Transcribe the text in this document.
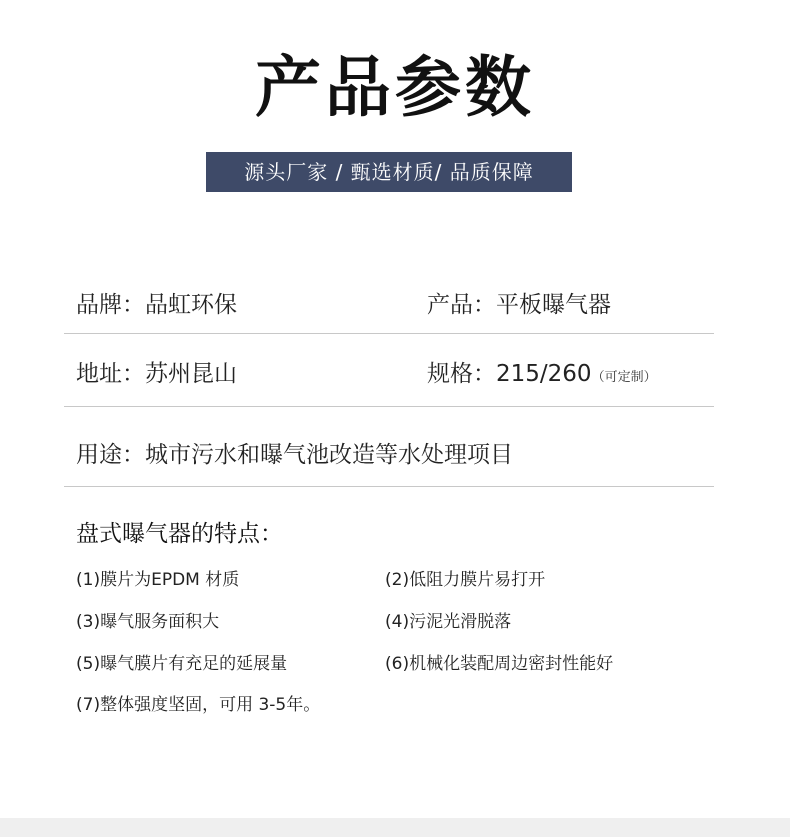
产品参数
源头厂家 / 甄选材质/ 品质保障
品牌：品虹环保	产品：平板曝气器
地址：苏州昆山	规格：215/260（可定制）
用途：城市污水和曝气池改造等水处理项目
盘式曝气器的特点：
(1)膜片为EPDM 材质	(2)低阻力膜片易打开
(3)曝气服务面积大	(4)污泥光滑脱落
(5)曝气膜片有充足的延展量	(6)机械化装配周边密封性能好
(7)整体强度坚固，可用 3-5年。
